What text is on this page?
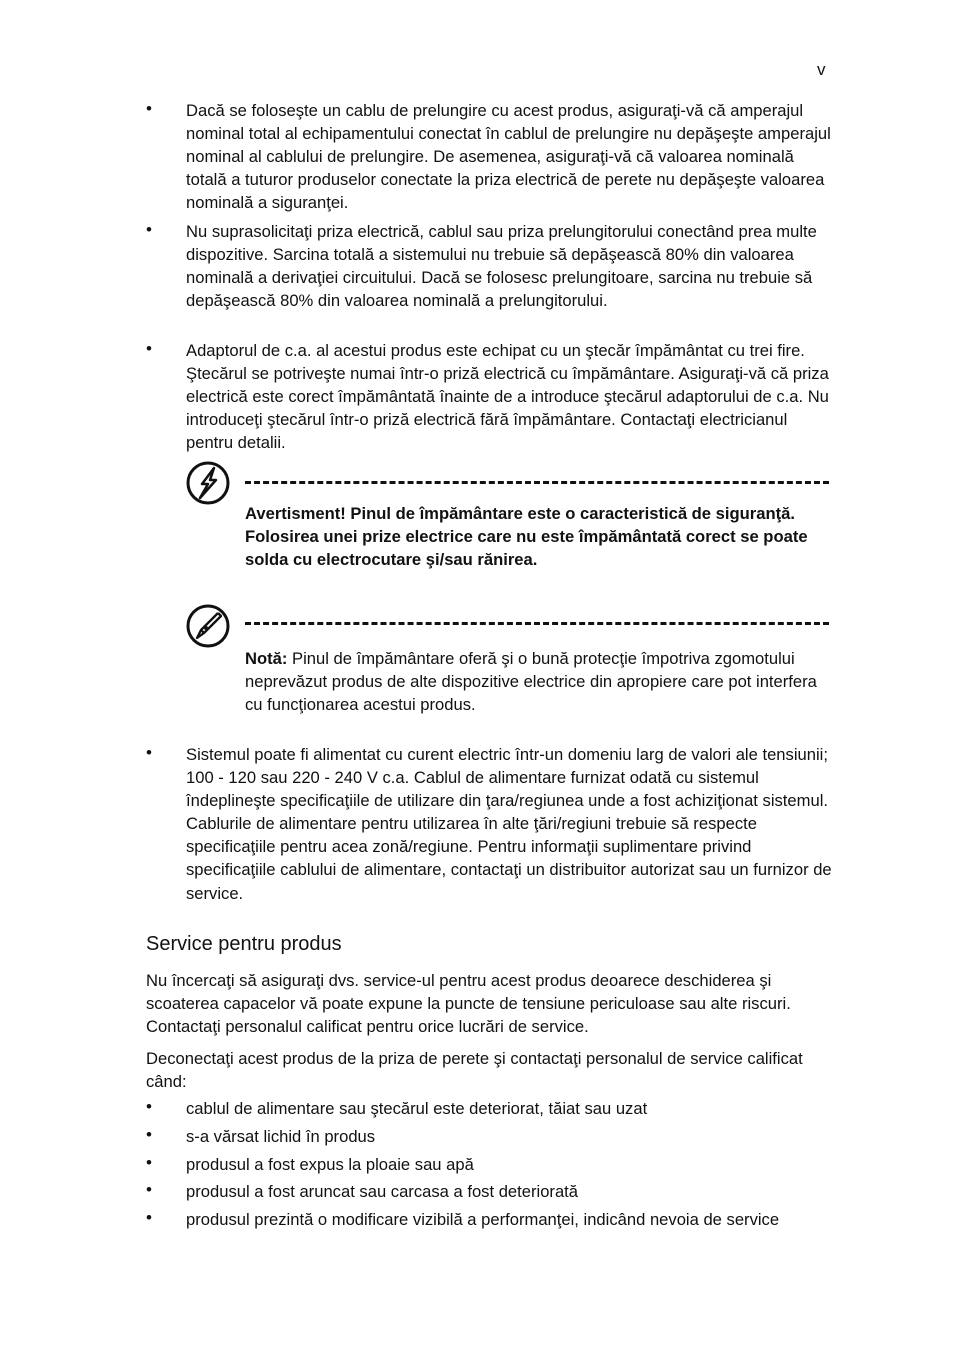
v
• Dacă se foloseşte un cablu de prelungire cu acest produs, asiguraţi-vă că amperajul nominal total al echipamentului conectat în cablul de prelungire nu depăşeşte amperajul nominal al cablului de prelungire. De asemenea, asiguraţi-vă că valoarea nominală totală a tuturor produselor conectate la priza electrică de perete nu depăşeşte valoarea nominală a siguranţei.
• Nu suprasolicitaţi priza electrică, cablul sau priza prelungitorului conectând prea multe dispozitive. Sarcina totală a sistemului nu trebuie să depăşească 80% din valoarea nominală a derivaţiei circuitului. Dacă se folosesc prelungitoare, sarcina nu trebuie să depăşească 80% din valoarea nominală a prelungitorului.
• Adaptorul de c.a. al acestui produs este echipat cu un ştecăr împământat cu trei fire. Ştecărul se potriveşte numai într-o priză electrică cu împământare. Asiguraţi-vă că priza electrică este corect împământată înainte de a introduce ştecărul adaptorului de c.a. Nu introduceţi ştecărul într-o priză electrică fără împământare. Contactaţi electricianul pentru detalii.
Avertisment! Pinul de împământare este o caracteristică de siguranţă. Folosirea unei prize electrice care nu este împământată corect se poate solda cu electrocutare şi/sau rănirea.
Notă: Pinul de împământare oferă şi o bună protecţie împotriva zgomotului neprevăzut produs de alte dispozitive electrice din apropiere care pot interfera cu funcţionarea acestui produs.
• Sistemul poate fi alimentat cu curent electric într-un domeniu larg de valori ale tensiunii; 100 - 120 sau 220 - 240 V c.a. Cablul de alimentare furnizat odată cu sistemul îndeplineşte specificaţiile de utilizare din ţara/regiunea unde a fost achiziţionat sistemul. Cablurile de alimentare pentru utilizarea în alte ţări/regiuni trebuie să respecte specificaţiile pentru acea zonă/regiune. Pentru informaţii suplimentare privind specificaţiile cablului de alimentare, contactaţi un distribuitor autorizat sau un furnizor de service.
Service pentru produs
Nu încercaţi să asiguraţi dvs. service-ul pentru acest produs deoarece deschiderea şi scoaterea capacelor vă poate expune la puncte de tensiune periculoase sau alte riscuri. Contactaţi personalul calificat pentru orice lucrări de service.
Deconectaţi acest produs de la priza de perete şi contactaţi personalul de service calificat când:
• cablul de alimentare sau ştecărul este deteriorat, tăiat sau uzat
• s-a vărsat lichid în produs
• produsul a fost expus la ploaie sau apă
• produsul a fost aruncat sau carcasa a fost deteriorată
• produsul prezintă o modificare vizibilă a performanţei, indicând nevoia de service
